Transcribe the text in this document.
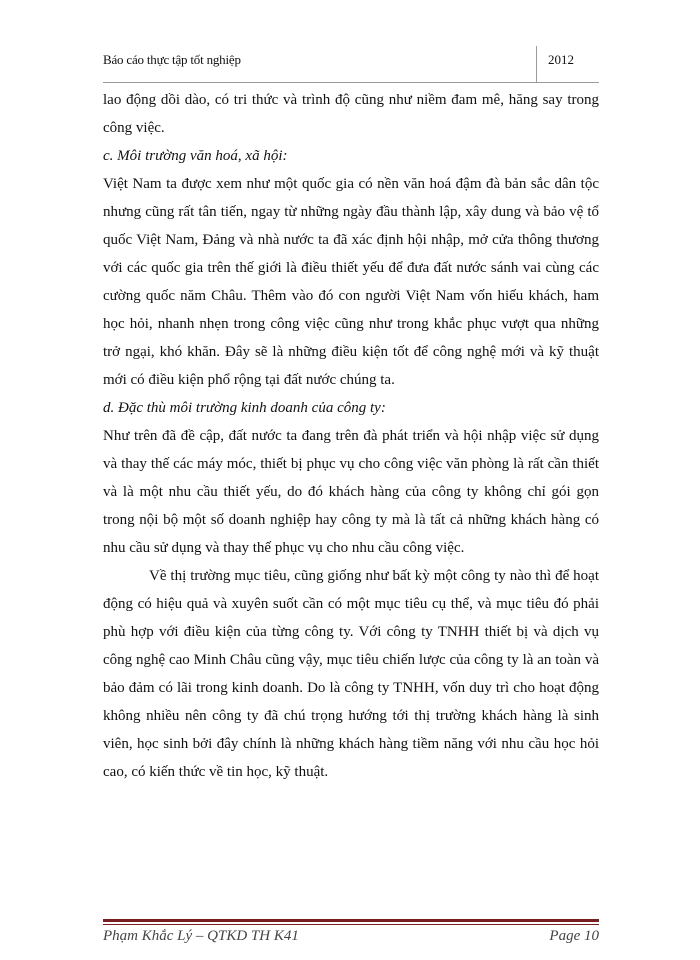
Báo cáo thực tập tốt nghiệp	2012

lao động dồi dào, có tri thức và trình độ cũng như niềm đam mê, hăng say trong công việc.

c. Môi trường văn hoá, xã hội:

Việt Nam ta được xem như một quốc gia có nền văn hoá đậm đà bản sắc dân tộc nhưng cũng rất tân tiến, ngay từ những ngày đầu thành lập, xây dung và bảo vệ tổ quốc Việt Nam, Đảng và nhà nước ta đã xác định hội nhập, mở cửa thông thương với các quốc gia trên thế giới là điều thiết yếu để đưa đất nước sánh vai cùng các cường quốc năm Châu. Thêm vào đó con người Việt Nam vốn hiếu khách, ham học hỏi, nhanh nhẹn trong công việc cũng như trong khắc phục vượt qua những trở ngại, khó khăn. Đây sẽ là những điều kiện tốt để công nghệ mới và kỹ thuật mới có điều kiện phổ rộng tại đất nước chúng ta.

d. Đặc thù môi trường kinh doanh của công ty:

Như trên đã đề cập, đất nước ta đang trên đà phát triển và hội nhập việc sử dụng và thay thế các máy móc, thiết bị phục vụ cho công việc văn phòng là rất cần thiết và là một nhu cầu thiết yếu, do đó khách hàng của công ty không chỉ gói gọn trong nội bộ một số doanh nghiệp hay công ty mà là tất cả những khách hàng có nhu cầu sử dụng và thay thế phục vụ cho nhu cầu công việc.

Về thị trường mục tiêu, cũng giống như bất kỳ một công ty nào thì để hoạt động có hiệu quả và xuyên suốt cần có một mục tiêu cụ thể, và mục tiêu đó phải phù hợp với điều kiện của từng công ty. Với công ty TNHH thiết bị và dịch vụ công nghệ cao Minh Châu cũng vậy, mục tiêu chiến lược của công ty là an toàn và bảo đảm có lãi trong kinh doanh. Do là công ty TNHH, vốn duy trì cho hoạt động không nhiều nên công ty đã chú trọng hướng tới thị trường khách hàng là sinh viên, học sinh bởi đây chính là những khách hàng tiềm năng với nhu cầu học hỏi cao, có kiến thức về tin học, kỹ thuật.

Phạm Khắc Lý – QTKD TH K41	Page 10
